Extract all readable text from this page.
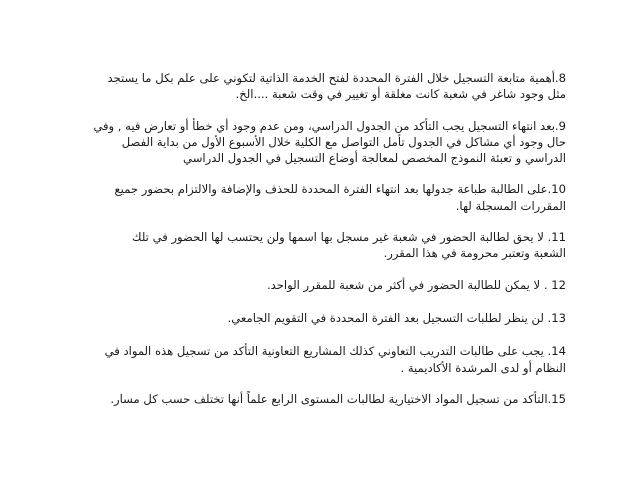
8.أهمية متابعة التسجيل خلال الفترة المحددة لفتح الخدمة الذاتية لتكوني على علم بكل ما يستجد
مثل وجود شاغر في شعبة كانت مغلقة أو تغيير في وقت شعبة ....الخ.
9.بعد انتهاء التسجيل يجب التأكد من الجدول الدراسي، ومن عدم وجود أي خطأ أو تعارض فيه , وفي
حال وجود أي مشاكل في الجدول تأمل التواصل مع الكلية خلال الأسبوع الأول من بداية الفصل
الدراسي و تعبئة النموذج المخصص لمعالجة أوضاع التسجيل في الجدول الدراسي
10.على الطالبة طباعة جدولها بعد انتهاء الفترة المحددة للحذف والإضافة والالتزام بحضور جميع
المقررات المسجلة لها.
11. لا يحق لطالبة الحضور في شعبة غير مسجل بها اسمها ولن يحتسب لها الحضور في تلك
الشعبة وتعتبر محرومة في هذا المقرر.
12 . لا يمكن للطالبة الحضور في أكثر من شعبة للمقرر الواحد.
13. لن ينظر لطلبات التسجيل بعد الفترة المحددة في التقويم الجامعي.
14. يجب على طالبات التدريب التعاوني كذلك المشاريع التعاونية التأكد من تسجيل هذه المواد في
النظام أو لدى المرشدة الأكاديمية .
15.التأكد من تسجيل المواد الاختيارية لطالبات المستوى الرابع علماً أنها تختلف حسب كل مسار.
